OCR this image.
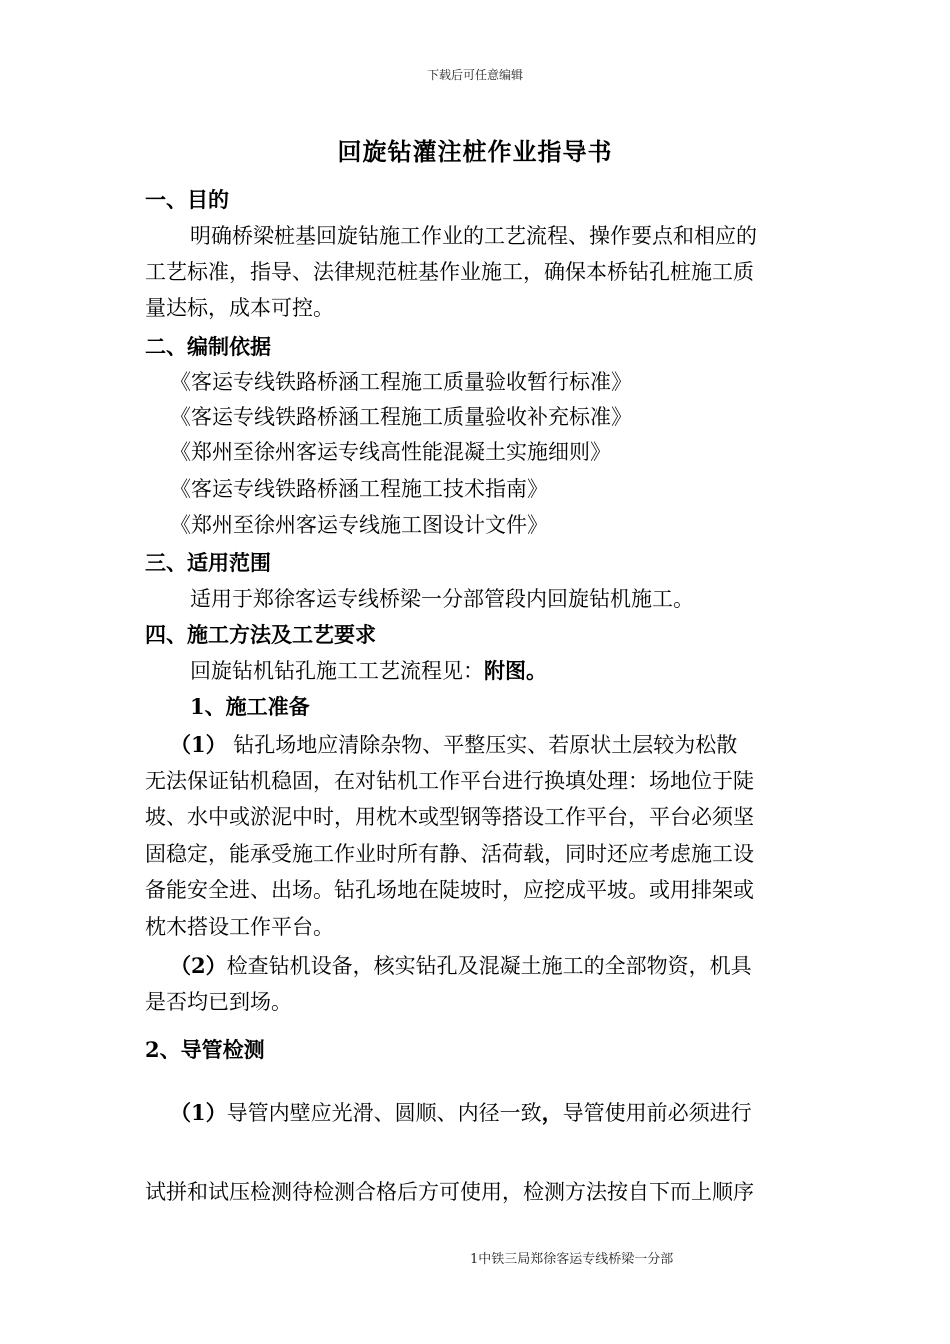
下载后可任意编辑
回旋钻灌注桩作业指导书
一、目的
明确桥梁桩基回旋钻施工作业的工艺流程、操作要点和相应的
工艺标准，指导、法律规范桩基作业施工，确保本桥钻孔桩施工质
量达标，成本可控。
二、编制依据
《客运专线铁路桥涵工程施工质量验收暂行标准》
《客运专线铁路桥涵工程施工质量验收补充标准》
《郑州至徐州客运专线高性能混凝土实施细则》
《客运专线铁路桥涵工程施工技术指南》
《郑州至徐州客运专线施工图设计文件》
三、适用范围
适用于郑徐客运专线桥梁一分部管段内回旋钻机施工。
四、施工方法及工艺要求
回旋钻机钻孔施工工艺流程见：附图。
1、施工准备
（1） 钻孔场地应清除杂物、平整压实、若原状土层较为松散
无法保证钻机稳固，在对钻机工作平台进行换填处理：场地位于陡
坡、水中或淤泥中时，用枕木或型钢等搭设工作平台，平台必须坚
固稳定，能承受施工作业时所有静、活荷载，同时还应考虑施工设
备能安全进、出场。钻孔场地在陡坡时，应挖成平坡。或用排架或
枕木搭设工作平台。
（2）检查钻机设备，核实钻孔及混凝土施工的全部物资，机具
是否均已到场。
2、导管检测
（1）导管内壁应光滑、圆顺、内径一致，导管使用前必须进行
试拼和试压检测待检测合格后方可使用，检测方法按自下而上顺序
1中铁三局郑徐客运专线桥梁一分部
